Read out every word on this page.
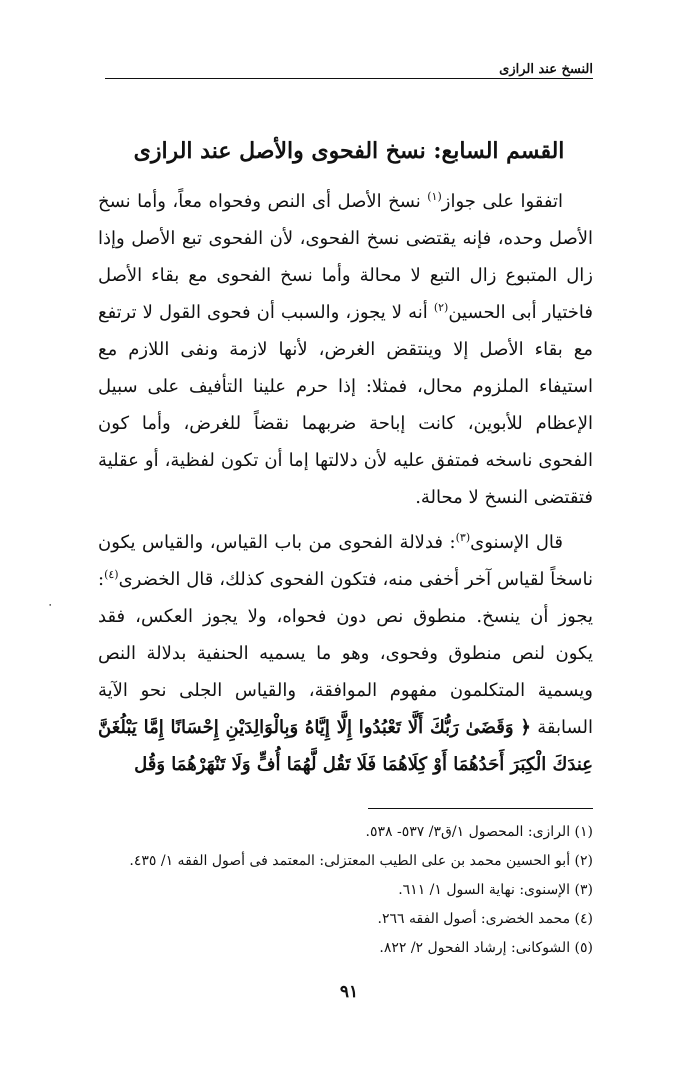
النسخ عند الرازى
القسم السابع: نسخ الفحوى والأصل عند الرازى

اتفقوا على جواز$^{(١)}$ نسخ الأصل أى النص وفحواه معاً، وأما نسخ الأصل وحده، فإنه يقتضى نسخ الفحوى، لأن الفحوى تبع الأصل وإذا زال المتبوع زال التبع لا محالة وأما نسخ الفحوى مع بقاء الأصل فاختيار أبى الحسين$^{(٢)}$ أنه لا يجوز، والسبب أن فحوى القول لا ترتفع مع بقاء الأصل إلا وينتقض الغرض، لأنها لازمة ونفى اللازم مع استيفاء الملزوم محال، فمثلا: إذا حرم علينا التأفيف على سبيل الإعظام للأبوين، كانت إباحة ضربهما نقضاً للغرض، وأما كون الفحوى ناسخه فمتفق عليه لأن دلالتها إما أن تكون لفظية، أو عقلية فتقتضى النسخ لا محالة.

قال الإسنوى$^{(٣)}$: فدلالة الفحوى من باب القياس، والقياس يكون ناسخاً لقياس آخر أخفى منه، فتكون الفحوى كذلك، قال الخضرى$^{(٤)}$: يجوز أن ينسخ. منطوق نص دون فحواه، ولا يجوز العكس، فقد يكون لنص منطوق وفحوى، وهو ما يسميه الحنفية بدلالة النص ويسمية المتكلمون مفهوم الموافقة، والقياس الجلى نحو الآية السابقة ﴿ وَقَضَىٰ رَبُّكَ أَلَّا تَعْبُدُوا إِلَّا إِيَّاهُ وَبِالْوَالِدَيْنِ إِحْسَانًا إِمَّا يَبْلُغَنَّ عِندَكَ الْكِبَرَ أَحَدُهُمَا أَوْ كِلَاهُمَا فَلَا تَقُل لَّهُمَا أُفٍّ وَلَا تَنْهَرْهُمَا وَقُل

‧
(١) الرازى: المحصول ١/ق٣/ ٥٣٧- ٥٣٨.
(٢) أبو الحسين محمد بن على الطيب المعتزلى: المعتمد فى أصول الفقه ١/ ٤٣٥.
(٣) الإسنوى: نهاية السول ١/ ٦١١.
(٤) محمد الخضرى: أصول الفقه ٢٦٦.
(٥) الشوكانى: إرشاد الفحول ٢/ ٨٢٢.
٩١
